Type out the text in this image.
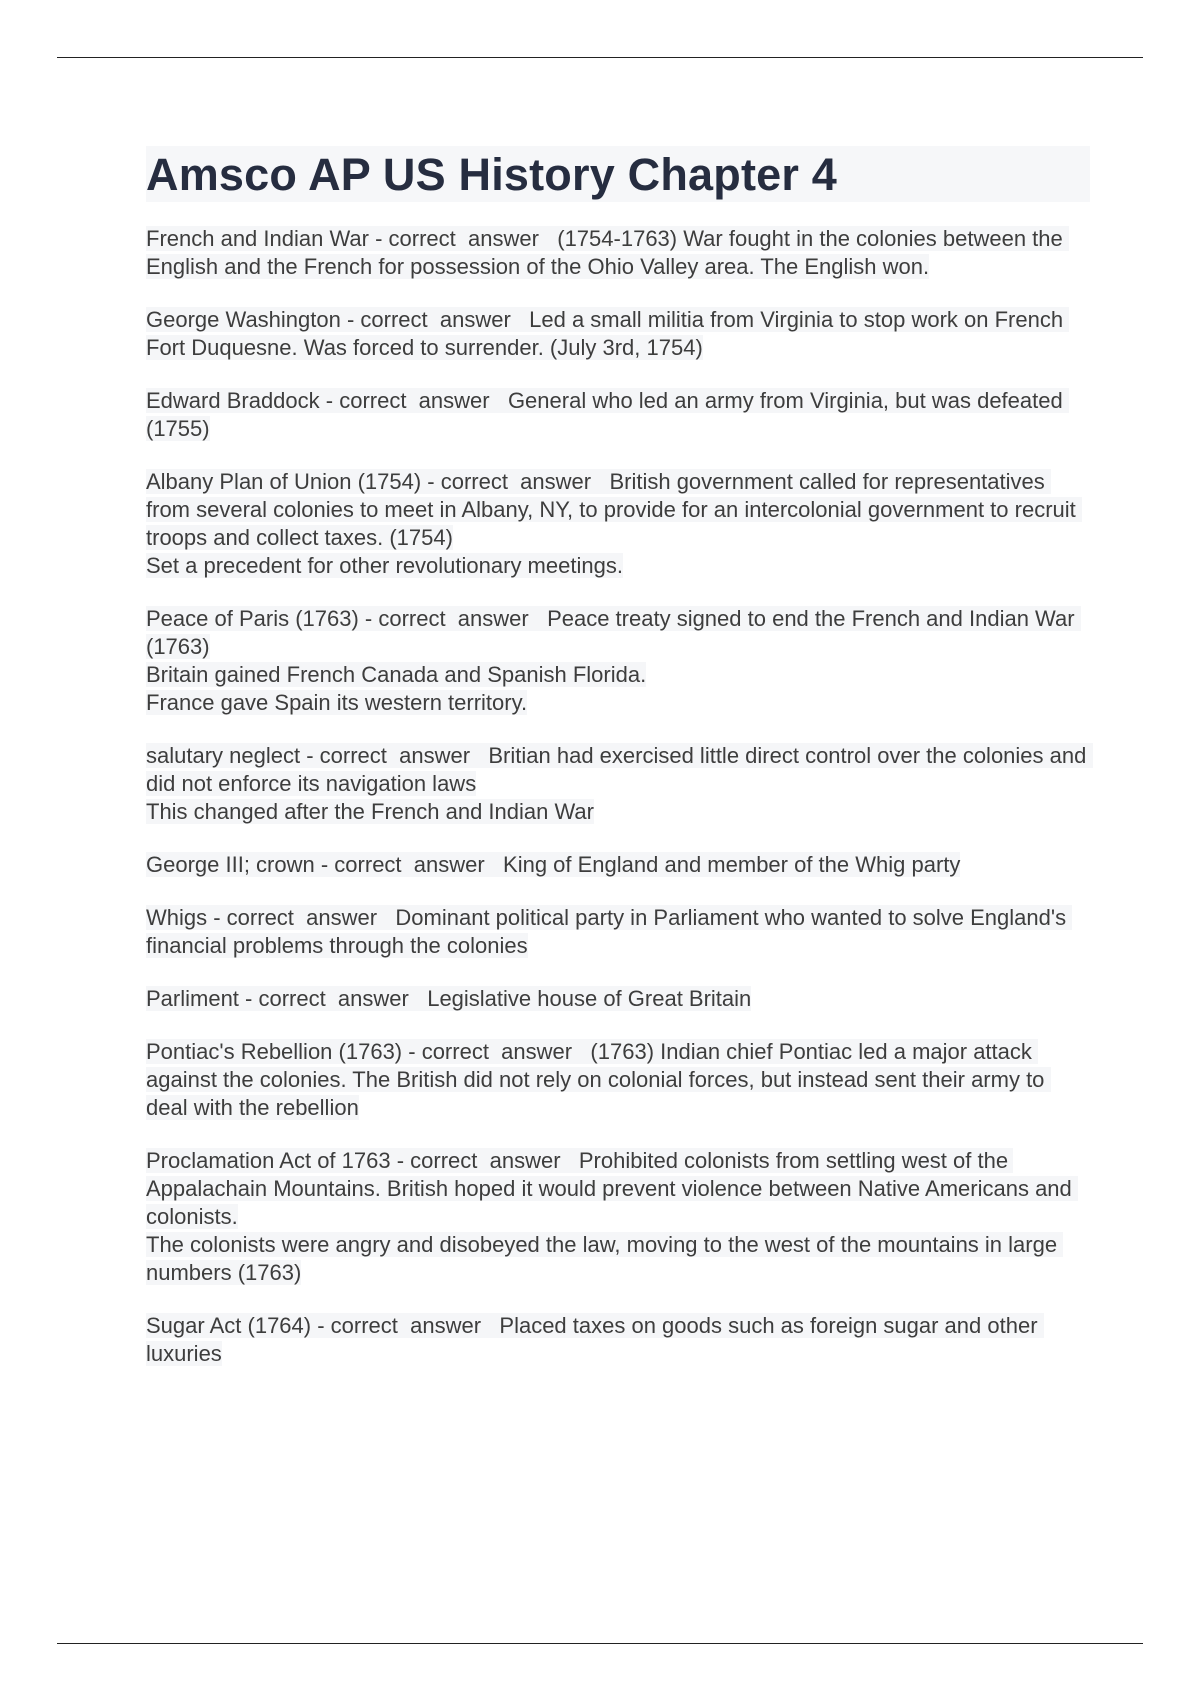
Amsco AP US History Chapter 4
French and Indian War - correct  answer   (1754-1763) War fought in the colonies between the English and the French for possession of the Ohio Valley area. The English won.
George Washington - correct  answer   Led a small militia from Virginia to stop work on French Fort Duquesne. Was forced to surrender. (July 3rd, 1754)
Edward Braddock - correct  answer   General who led an army from Virginia, but was defeated (1755)
Albany Plan of Union (1754) - correct  answer   British government called for representatives from several colonies to meet in Albany, NY, to provide for an intercolonial government to recruit troops and collect taxes. (1754)
Set a precedent for other revolutionary meetings.
Peace of Paris (1763) - correct  answer   Peace treaty signed to end the French and Indian War (1763)
Britain gained French Canada and Spanish Florida.
France gave Spain its western territory.
salutary neglect - correct  answer   Britian had exercised little direct control over the colonies and did not enforce its navigation laws
This changed after the French and Indian War
George III; crown - correct  answer   King of England and member of the Whig party
Whigs - correct  answer   Dominant political party in Parliament who wanted to solve England's financial problems through the colonies
Parliment - correct  answer   Legislative house of Great Britain
Pontiac's Rebellion (1763) - correct  answer   (1763) Indian chief Pontiac led a major attack against the colonies. The British did not rely on colonial forces, but instead sent their army to deal with the rebellion
Proclamation Act of 1763 - correct  answer   Prohibited colonists from settling west of the Appalachain Mountains. British hoped it would prevent violence between Native Americans and colonists.
The colonists were angry and disobeyed the law, moving to the west of the mountains in large numbers (1763)
Sugar Act (1764) - correct  answer   Placed taxes on goods such as foreign sugar and other luxuries
